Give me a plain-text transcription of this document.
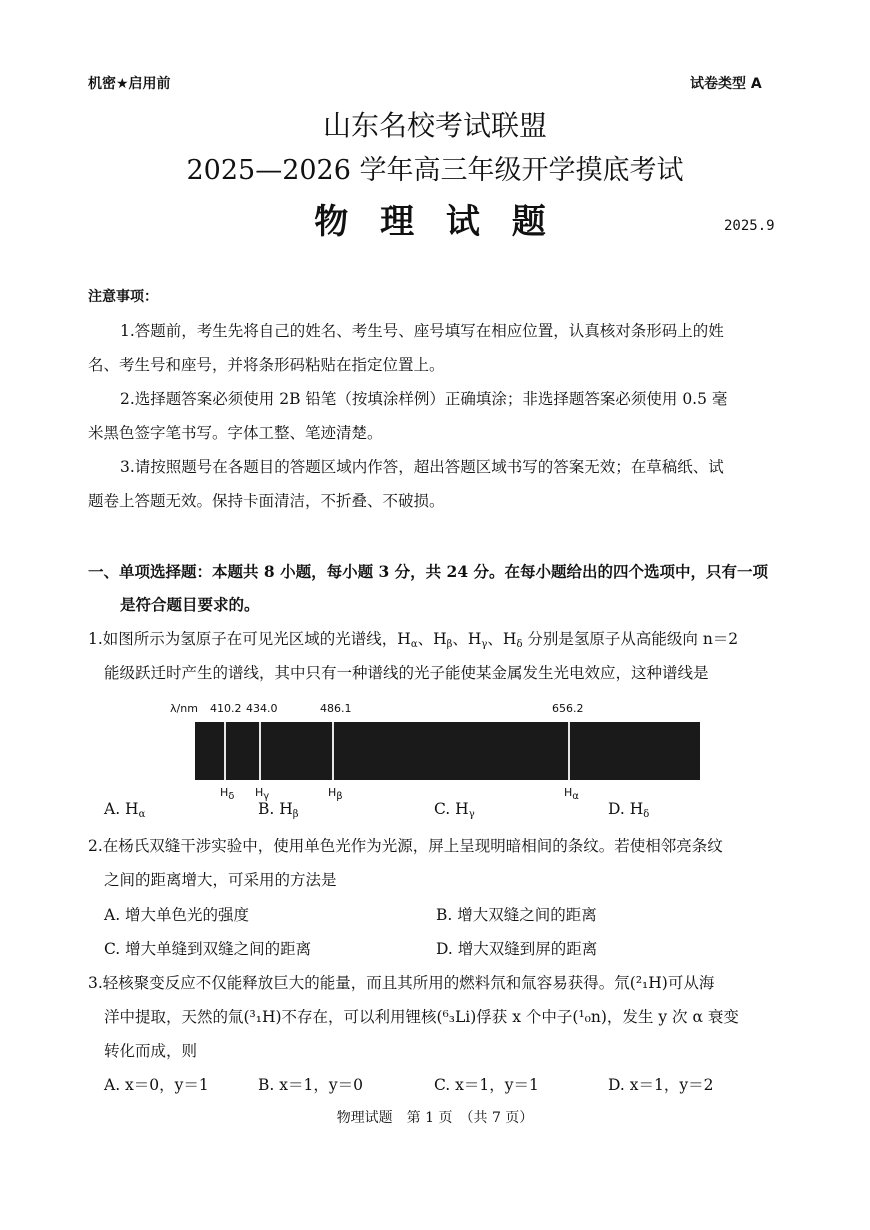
机密★启用前	试卷类型 A
山东名校考试联盟
2025—2026 学年高三年级开学摸底考试
物 理 试 题	2025.9
注意事项：
1.答题前，考生先将自己的姓名、考生号、座号填写在相应位置，认真核对条形码上的姓
名、考生号和座号，并将条形码粘贴在指定位置上。
2.选择题答案必须使用 2B 铅笔（按填涂样例）正确填涂；非选择题答案必须使用 0.5 毫
米黑色签字笔书写。字体工整、笔迹清楚。
3.请按照题号在各题目的答题区域内作答，超出答题区域书写的答案无效；在草稿纸、试
题卷上答题无效。保持卡面清洁，不折叠、不破损。
一、单项选择题：本题共 8 小题，每小题 3 分，共 24 分。在每小题给出的四个选项中，只有一项
是符合题目要求的。
1.如图所示为氢原子在可见光区域的光谱线，$H_\alpha$、$H_\beta$、$H_\gamma$、$H_\delta$ 分别是氢原子从高能级向 n＝2
能级跃迁时产生的谱线，其中只有一种谱线的光子能使某金属发生光电效应，这种谱线是
λ/nm 410.2 434.0	486.1	656.2
Hδ Hγ	Hβ	Hα
A. $H_\alpha$	B. $H_\beta$	C. $H_\gamma$	D. $H_\delta$
2.在杨氏双缝干涉实验中，使用单色光作为光源，屏上呈现明暗相间的条纹。若使相邻亮条纹
之间的距离增大，可采用的方法是
A. 增大单色光的强度	B. 增大双缝之间的距离
C. 增大单缝到双缝之间的距离	D. 增大双缝到屏的距离
3.轻核聚变反应不仅能释放巨大的能量，而且其所用的燃料氘和氚容易获得。氘(²₁H)可从海
洋中提取，天然的氚(³₁H)不存在，可以利用锂核(⁶₃Li)俘获 x 个中子(¹₀n)，发生 y 次 α 衰变
转化而成，则
A. x＝0，y＝1	B. x＝1，y＝0	C. x＝1，y＝1	D. x＝1，y＝2
物理试题　第 1 页　（共 7 页）
